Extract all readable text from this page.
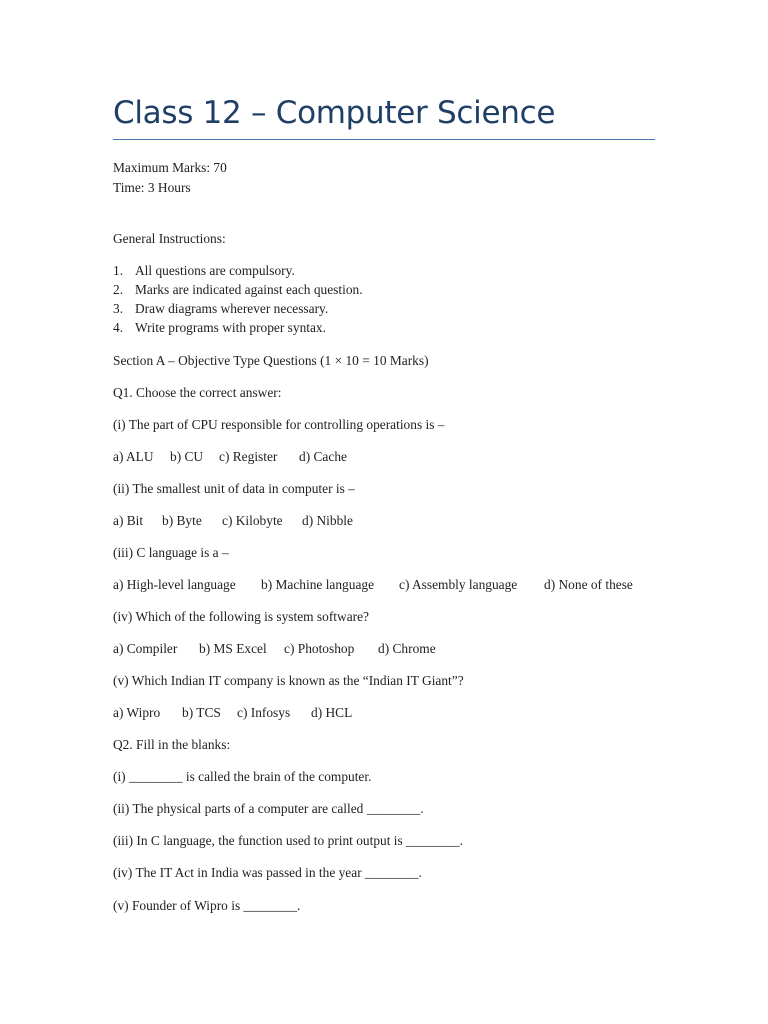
Class 12 – Computer Science
Maximum Marks: 70
Time: 3 Hours
General Instructions:
1. All questions are compulsory.
2. Marks are indicated against each question.
3. Draw diagrams wherever necessary.
4. Write programs with proper syntax.
Section A – Objective Type Questions (1 × 10 = 10 Marks)
Q1. Choose the correct answer:
(i) The part of CPU responsible for controlling operations is –
a) ALU b) CU c) Register d) Cache
(ii) The smallest unit of data in computer is –
a) Bit b) Byte c) Kilobyte d) Nibble
(iii) C language is a –
a) High-level language b) Machine language c) Assembly language d) None of these
(iv) Which of the following is system software?
a) Compiler b) MS Excel c) Photoshop d) Chrome
(v) Which Indian IT company is known as the “Indian IT Giant”?
a) Wipro b) TCS c) Infosys d) HCL
Q2. Fill in the blanks:
(i) ________ is called the brain of the computer.
(ii) The physical parts of a computer are called ________.
(iii) In C language, the function used to print output is ________.
(iv) The IT Act in India was passed in the year ________.
(v) Founder of Wipro is ________.
